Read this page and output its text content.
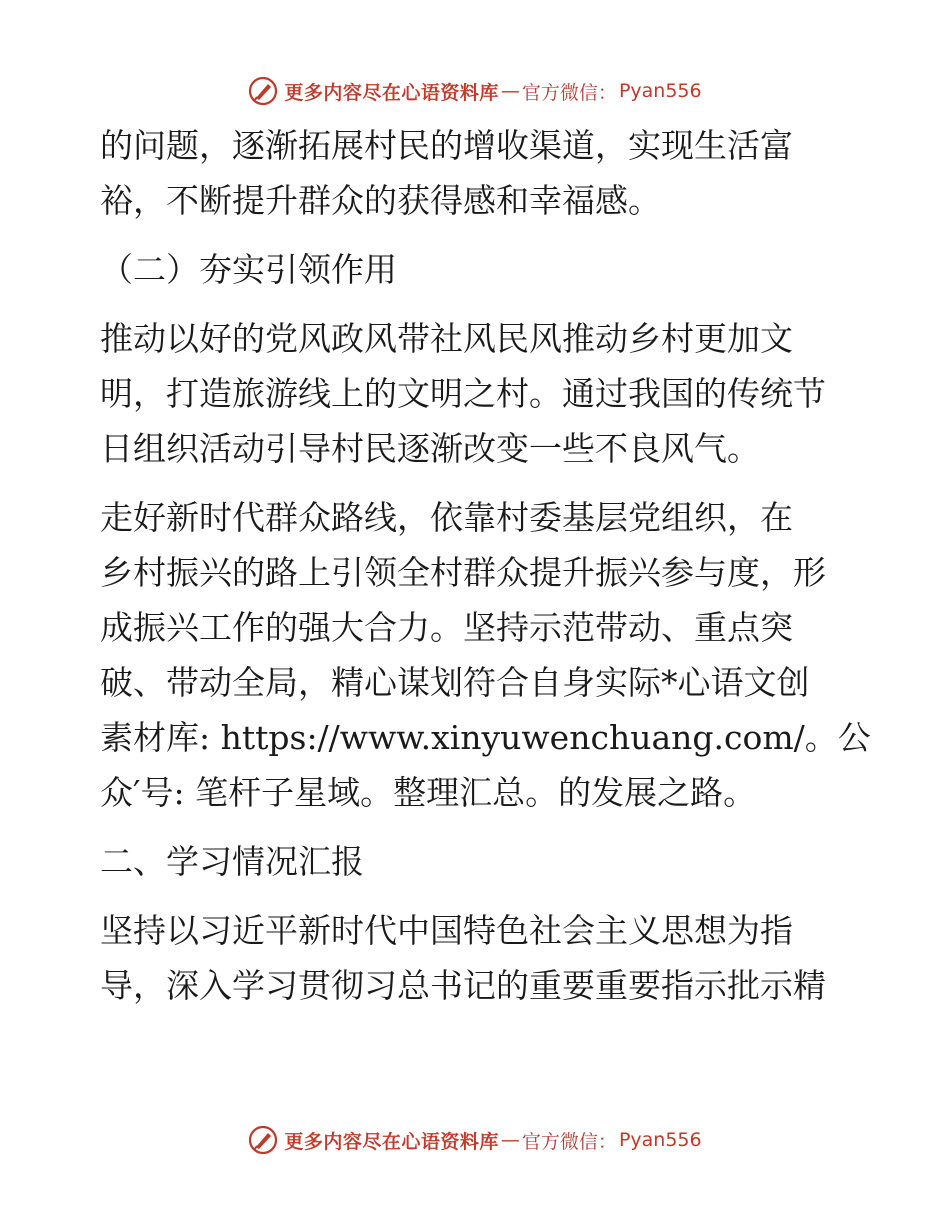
更多内容尽在心语资料库 — 官方微信： Pyan556
的问题，逐渐拓展村民的增收渠道，实现生活富
裕，不断提升群众的获得感和幸福感。
（二）夯实引领作用
推动以好的党风政风带社风民风推动乡村更加文
明，打造旅游线上的文明之村。通过我国的传统节
日组织活动引导村民逐渐改变一些不良风气。
走好新时代群众路线，依靠村委基层党组织，在
乡村振兴的路上引领全村群众提升振兴参与度，形
成振兴工作的强大合力。坚持示范带动、重点突
破、带动全局，精心谋划符合自身实际*心语文创
素材库: https://www.xinyuwenchuang.com/。公
众′号: 笔杆子星域。整理汇总。的发展之路。
二、学习情况汇报
坚持以习近平新时代中国特色社会主义思想为指
导，深入学习贯彻习总书记的重要重要指示批示精
更多内容尽在心语资料库 — 官方微信： Pyan556
